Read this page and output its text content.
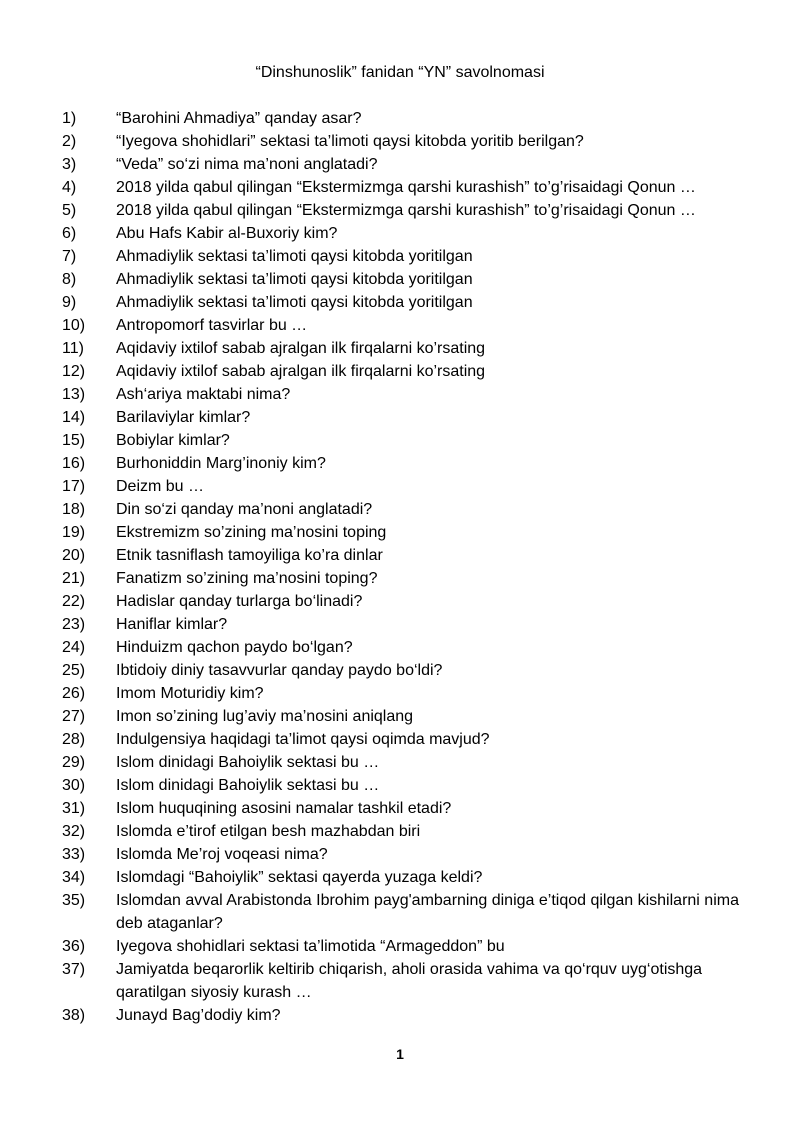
“Dinshunoslik” fanidan “YN” savolnomasi
1)	“Barohini Ahmadiya” qanday asar?
2)	“Iyegova shohidlari” sektasi ta’limoti qaysi kitobda yoritib berilgan?
3)	“Veda” so‘zi nima ma’noni anglatadi?
4)	2018 yilda qabul qilingan “Ekstermizmga qarshi kurashish” to’g’risaidagi Qonun …
5)	2018 yilda qabul qilingan “Ekstermizmga qarshi kurashish” to’g’risaidagi Qonun …
6)	Abu Hafs Kabir al-Buxoriy kim?
7)	Ahmadiylik sektasi ta’limoti qaysi kitobda yoritilgan
8)	Ahmadiylik sektasi ta’limoti qaysi kitobda yoritilgan
9)	Ahmadiylik sektasi ta’limoti qaysi kitobda yoritilgan
10)	Antropomorf tasvirlar bu …
11)	Aqidaviy ixtilof sabab ajralgan ilk firqalarni ko’rsating
12)	Aqidaviy ixtilof sabab ajralgan ilk firqalarni ko’rsating
13)	Ash‘ariya maktabi nima?
14)	Barilaviylar kimlar?
15)	Bobiylar kimlar?
16)	Burhoniddin Marg’inoniy kim?
17)	Deizm bu …
18)	Din so‘zi qanday ma’noni anglatadi?
19)	Ekstremizm so’zining ma’nosini toping
20)	Etnik tasniflash tamoyiliga ko’ra dinlar
21)	Fanatizm so’zining ma’nosini toping?
22)	Hadislar qanday turlarga bo‘linadi?
23)	Haniflar kimlar?
24)	Hinduizm qachon paydo bo‘lgan?
25)	Ibtidoiy diniy tasavvurlar qanday paydo bo‘ldi?
26)	Imom Moturidiy kim?
27)	Imon so’zining lug’aviy ma’nosini aniqlang
28)	Indulgensiya haqidagi ta’limot qaysi oqimda mavjud?
29)	Islom dinidagi Bahoiylik sektasi bu …
30)	Islom dinidagi Bahoiylik sektasi bu …
31)	Islom huquqining asosini namalar tashkil etadi?
32)	Islomda e’tirof etilgan besh mazhabdan biri
33)	Islomda Me’roj voqeasi nima?
34)	Islomdagi “Bahoiylik” sektasi qayerda yuzaga keldi?
35)	Islomdan avval Arabistonda Ibrohim payg'ambarning diniga e’tiqod qilgan kishilarni nima deb ataganlar?
36)	Iyegova shohidlari sektasi ta’limotida “Armageddon” bu
37)	Jamiyatda beqarorlik keltirib chiqarish, aholi orasida vahima va qo‘rquv uyg‘otishga qaratilgan siyosiy kurash …
38)	Junayd Bag’dodiy kim?
1
